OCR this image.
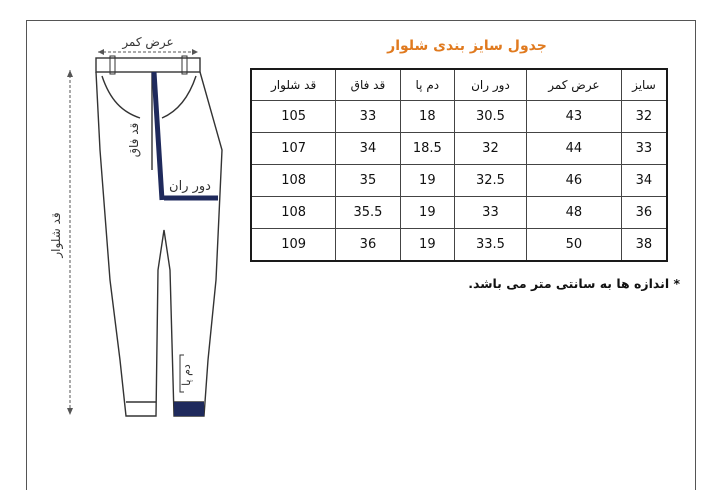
عرض کمر
قد شلوار
قد فاق
دور ران
دم پا
جدول سایز بندی شلوار
سایز	عرض کمر	دور ران	دم پا	قد فاق	قد شلوار
32	43	30.5	18	33	105
33	44	32	18.5	34	107
34	46	32.5	19	35	108
36	48	33	19	35.5	108
38	50	33.5	19	36	109
* اندازه ها به سانتی متر می باشد.
